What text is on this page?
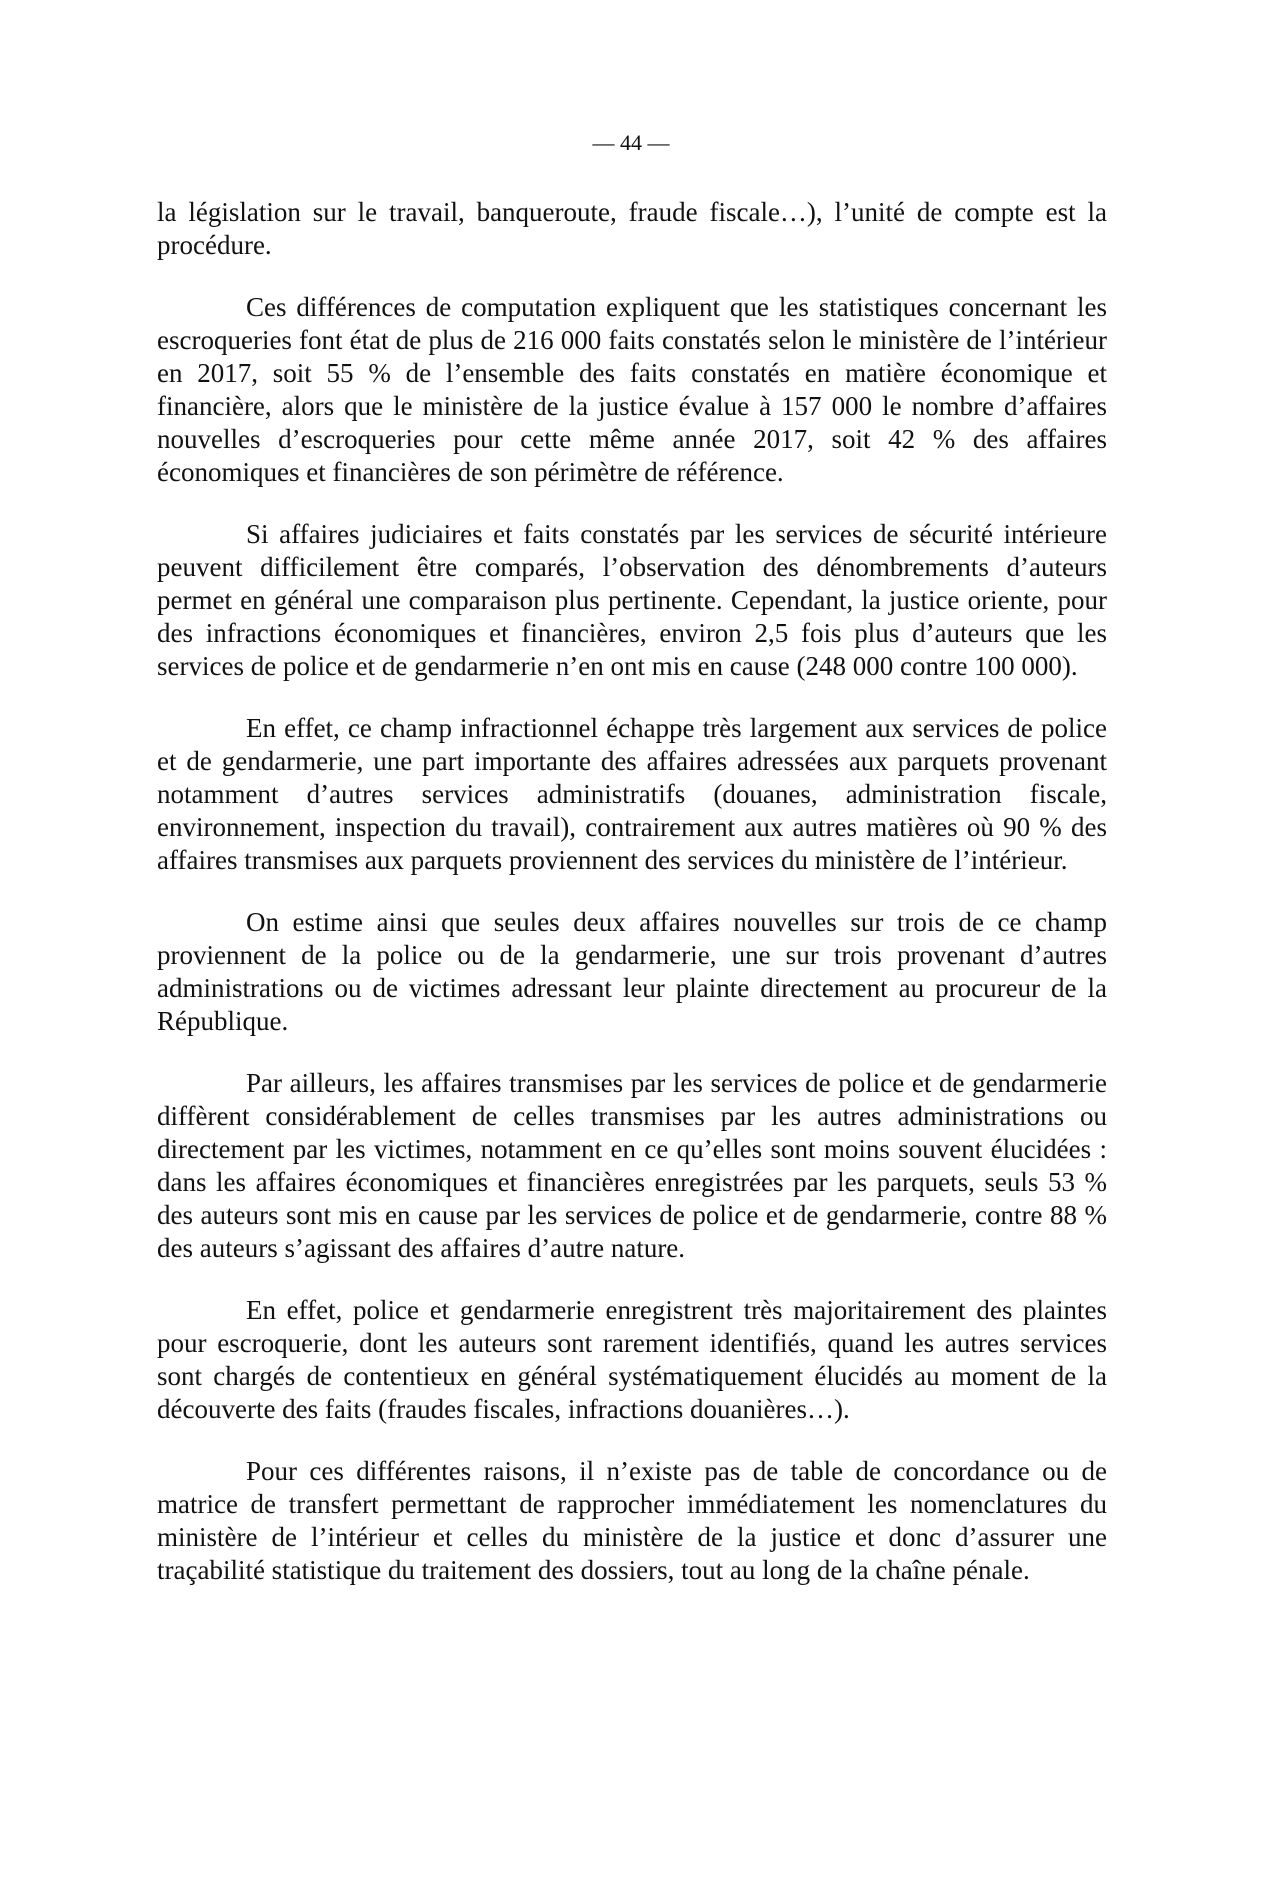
— 44 —

la législation sur le travail, banqueroute, fraude fiscale…), l’unité de compte est la procédure.

Ces différences de computation expliquent que les statistiques concernant les escroqueries font état de plus de 216 000 faits constatés selon le ministère de l’intérieur en 2017, soit 55 % de l’ensemble des faits constatés en matière économique et financière, alors que le ministère de la justice évalue à 157 000 le nombre d’affaires nouvelles d’escroqueries pour cette même année 2017, soit 42 % des affaires économiques et financières de son périmètre de référence.

Si affaires judiciaires et faits constatés par les services de sécurité intérieure peuvent difficilement être comparés, l’observation des dénombrements d’auteurs permet en général une comparaison plus pertinente. Cependant, la justice oriente, pour des infractions économiques et financières, environ 2,5 fois plus d’auteurs que les services de police et de gendarmerie n’en ont mis en cause (248 000 contre 100 000).

En effet, ce champ infractionnel échappe très largement aux services de police et de gendarmerie, une part importante des affaires adressées aux parquets provenant notamment d’autres services administratifs (douanes, administration fiscale, environnement, inspection du travail), contrairement aux autres matières où 90 % des affaires transmises aux parquets proviennent des services du ministère de l’intérieur.

On estime ainsi que seules deux affaires nouvelles sur trois de ce champ proviennent de la police ou de la gendarmerie, une sur trois provenant d’autres administrations ou de victimes adressant leur plainte directement au procureur de la République.

Par ailleurs, les affaires transmises par les services de police et de gendarmerie diffèrent considérablement de celles transmises par les autres administrations ou directement par les victimes, notamment en ce qu’elles sont moins souvent élucidées : dans les affaires économiques et financières enregistrées par les parquets, seuls 53 % des auteurs sont mis en cause par les services de police et de gendarmerie, contre 88 % des auteurs s’agissant des affaires d’autre nature.

En effet, police et gendarmerie enregistrent très majoritairement des plaintes pour escroquerie, dont les auteurs sont rarement identifiés, quand les autres services sont chargés de contentieux en général systématiquement élucidés au moment de la découverte des faits (fraudes fiscales, infractions douanières…).

Pour ces différentes raisons, il n’existe pas de table de concordance ou de matrice de transfert permettant de rapprocher immédiatement les nomenclatures du ministère de l’intérieur et celles du ministère de la justice et donc d’assurer une traçabilité statistique du traitement des dossiers, tout au long de la chaîne pénale.
